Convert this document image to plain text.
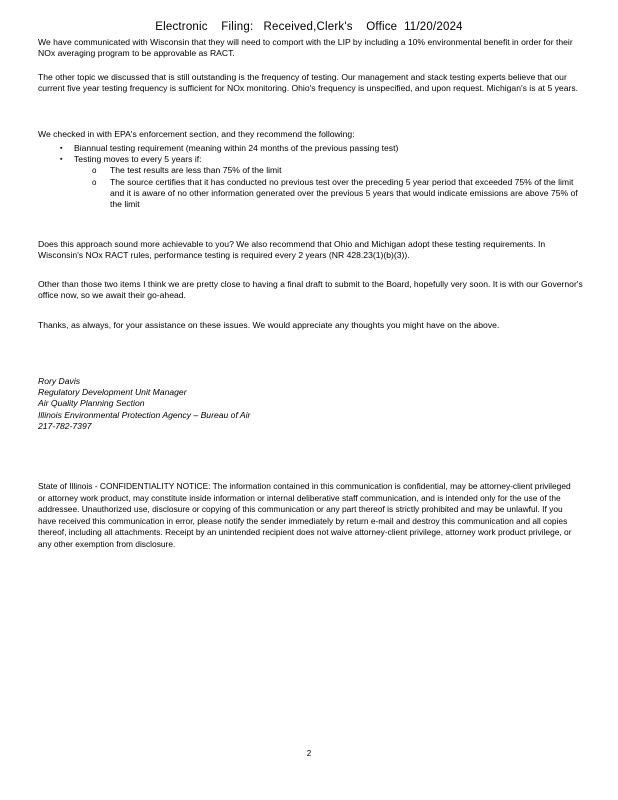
Electronic    Filing:   Received,Clerk's    Office  11/20/2024

We have communicated with Wisconsin that they will need to comport with the LIP by including a 10% environmental benefit in order for their NOx averaging program to be approvable as RACT.

The other topic we discussed that is still outstanding is the frequency of testing. Our management and stack testing experts believe that our current five year testing frequency is sufficient for NOx monitoring. Ohio's frequency is unspecified, and upon request. Michigan's is at 5 years.

We checked in with EPA's enforcement section, and they recommend the following:

▪ Biannual testing requirement (meaning within 24 months of the previous passing test)
▪ Testing moves to every 5 years if:
o The test results are less than 75% of the limit
o The source certifies that it has conducted no previous test over the preceding 5 year period that exceeded 75% of the limit and it is aware of no other information generated over the previous 5 years that would indicate emissions are above 75% of the limit

Does this approach sound more achievable to you? We also recommend that Ohio and Michigan adopt these testing requirements. In Wisconsin's NOx RACT rules, performance testing is required every 2 years (NR 428.23(1)(b)(3)).

Other than those two items I think we are pretty close to having a final draft to submit to the Board, hopefully very soon. It is with our Governor's office now, so we await their go-ahead.

Thanks, as always, for your assistance on these issues. We would appreciate any thoughts you might have on the above.

Rory Davis
Regulatory Development Unit Manager
Air Quality Planning Section
Illinois Environmental Protection Agency – Bureau of Air
217-782-7397

State of Illinois - CONFIDENTIALITY NOTICE: The information contained in this communication is confidential, may be attorney-client privileged or attorney work product, may constitute inside information or internal deliberative staff communication, and is intended only for the use of the addressee. Unauthorized use, disclosure or copying of this communication or any part thereof is strictly prohibited and may be unlawful. If you have received this communication in error, please notify the sender immediately by return e-mail and destroy this communication and all copies thereof, including all attachments. Receipt by an unintended recipient does not waive attorney-client privilege, attorney work product privilege, or any other exemption from disclosure.

2
